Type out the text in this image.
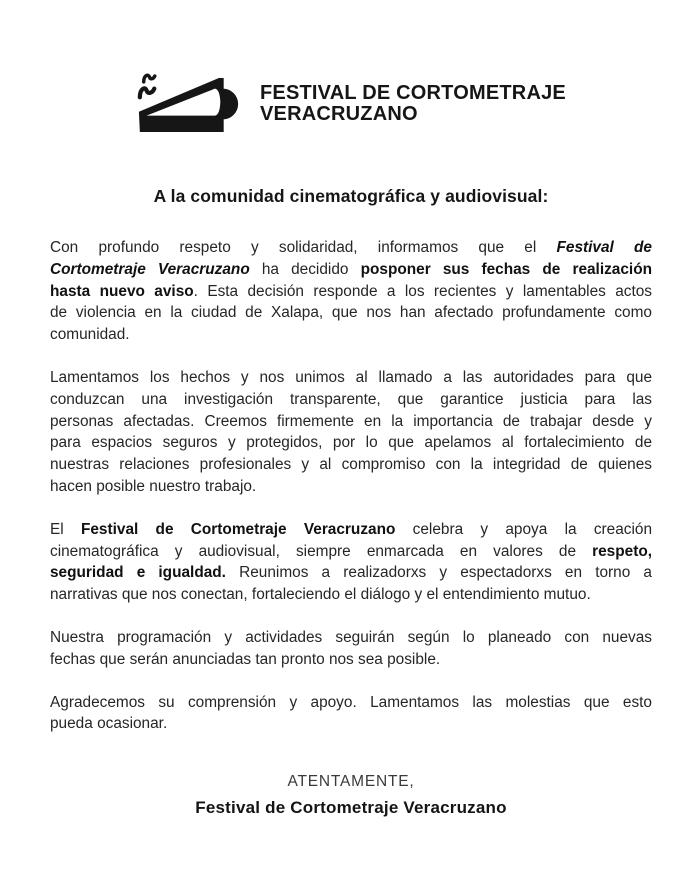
FESTIVAL DE CORTOMETRAJE
VERACRUZANO
A la comunidad cinematográfica y audiovisual:
Con profundo respeto y solidaridad, informamos que el Festival de
Cortometraje Veracruzano ha decidido posponer sus fechas de realización
hasta nuevo aviso. Esta decisión responde a los recientes y lamentables actos
de violencia en la ciudad de Xalapa, que nos han afectado profundamente como
comunidad.
Lamentamos los hechos y nos unimos al llamado a las autoridades para que
conduzcan una investigación transparente, que garantice justicia para las
personas afectadas. Creemos firmemente en la importancia de trabajar desde y
para espacios seguros y protegidos, por lo que apelamos al fortalecimiento de
nuestras relaciones profesionales y al compromiso con la integridad de quienes
hacen posible nuestro trabajo.
El Festival de Cortometraje Veracruzano celebra y apoya la creación
cinematográfica y audiovisual, siempre enmarcada en valores de respeto,
seguridad e igualdad. Reunimos a realizadorxs y espectadorxs en torno a
narrativas que nos conectan, fortaleciendo el diálogo y el entendimiento mutuo.
Nuestra programación y actividades seguirán según lo planeado con nuevas
fechas que serán anunciadas tan pronto nos sea posible.
Agradecemos su comprensión y apoyo. Lamentamos las molestias que esto
pueda ocasionar.
ATENTAMENTE,
Festival de Cortometraje Veracruzano
